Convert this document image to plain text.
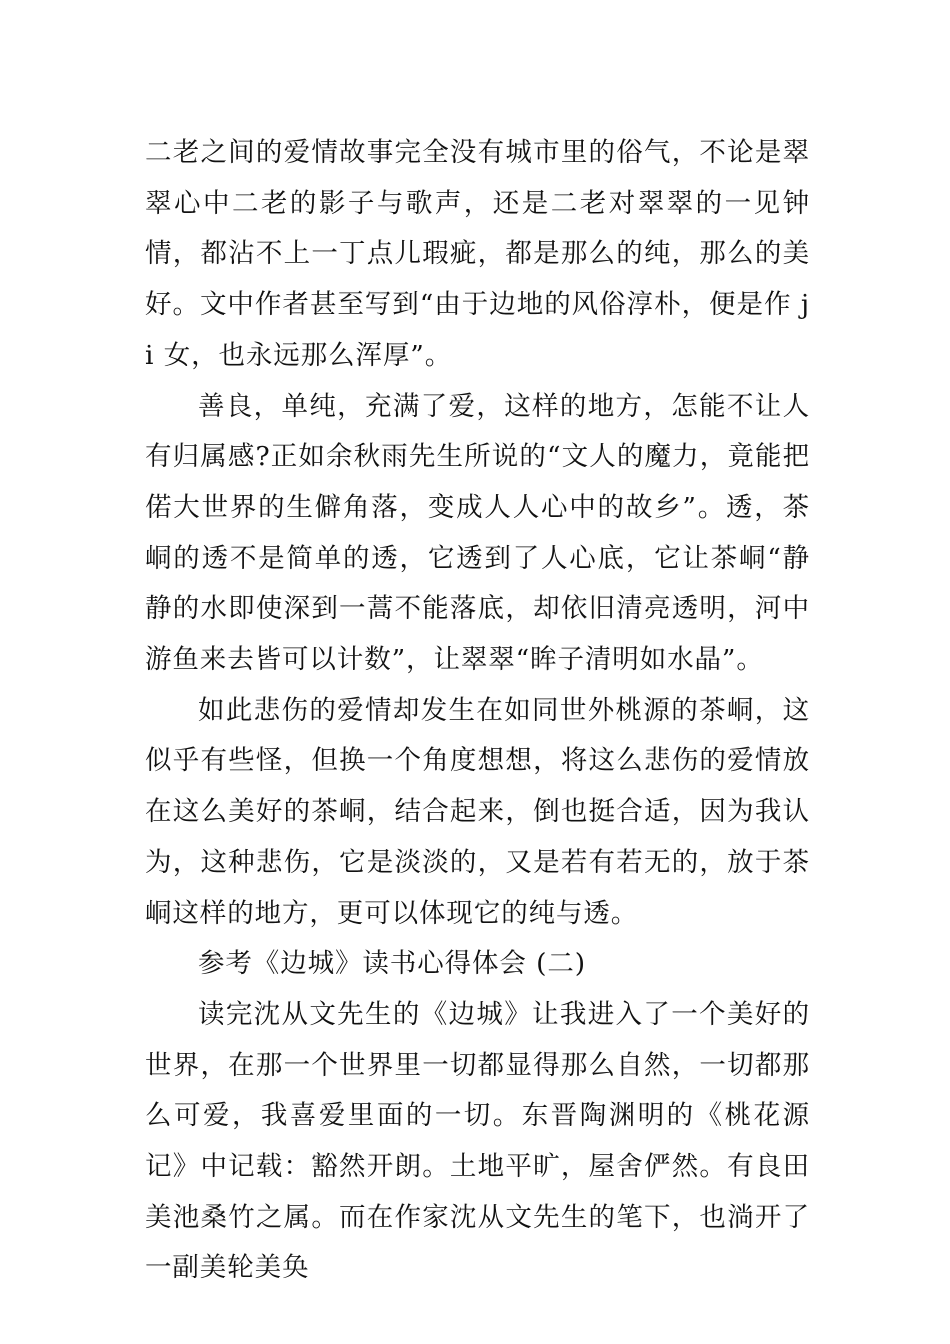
二老之间的爱情故事完全没有城市里的俗气，不论是翠翠心中二老的影子与歌声，还是二老对翠翠的一见钟情，都沾不上一丁点儿瑕疵，都是那么的纯，那么的美好。文中作者甚至写到“由于边地的风俗淳朴，便是作 ji 女，也永远那么浑厚”。

善良，单纯，充满了爱，这样的地方，怎能不让人有归属感?正如余秋雨先生所说的“文人的魔力，竟能把偌大世界的生僻角落，变成人人心中的故乡”。透，茶峒的透不是简单的透，它透到了人心底，它让茶峒“静静的水即使深到一蒿不能落底，却依旧清亮透明，河中游鱼来去皆可以计数”，让翠翠“眸子清明如水晶”。

如此悲伤的爱情却发生在如同世外桃源的茶峒，这似乎有些怪，但换一个角度想想，将这么悲伤的爱情放在这么美好的茶峒，结合起来，倒也挺合适，因为我认为，这种悲伤，它是淡淡的，又是若有若无的，放于茶峒这样的地方，更可以体现它的纯与透。

参考《边城》读书心得体会 (二)

读完沈从文先生的《边城》让我进入了一个美好的世界，在那一个世界里一切都显得那么自然，一切都那么可爱，我喜爱里面的一切。东晋陶渊明的《桃花源记》中记载：豁然开朗。土地平旷，屋舍俨然。有良田美池桑竹之属。而在作家沈从文先生的笔下，也淌开了一副美轮美奂
